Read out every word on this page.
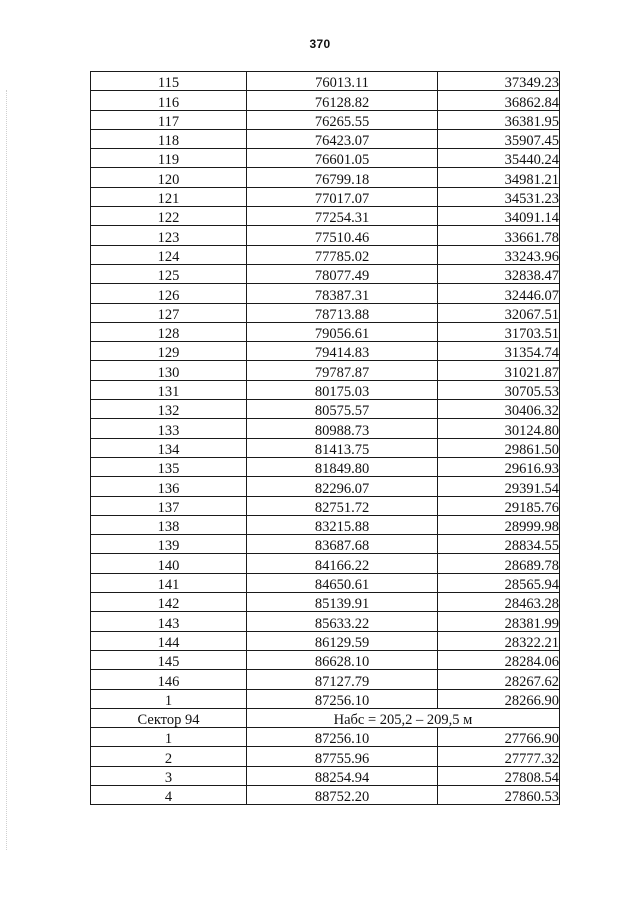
370
115	76013.11	37349.23
116	76128.82	36862.84
117	76265.55	36381.95
118	76423.07	35907.45
119	76601.05	35440.24
120	76799.18	34981.21
121	77017.07	34531.23
122	77254.31	34091.14
123	77510.46	33661.78
124	77785.02	33243.96
125	78077.49	32838.47
126	78387.31	32446.07
127	78713.88	32067.51
128	79056.61	31703.51
129	79414.83	31354.74
130	79787.87	31021.87
131	80175.03	30705.53
132	80575.57	30406.32
133	80988.73	30124.80
134	81413.75	29861.50
135	81849.80	29616.93
136	82296.07	29391.54
137	82751.72	29185.76
138	83215.88	28999.98
139	83687.68	28834.55
140	84166.22	28689.78
141	84650.61	28565.94
142	85139.91	28463.28
143	85633.22	28381.99
144	86129.59	28322.21
145	86628.10	28284.06
146	87127.79	28267.62
1	87256.10	28266.90
Сектор 94	Набс = 205,2 – 209,5 м	
1	87256.10	27766.90
2	87755.96	27777.32
3	88254.94	27808.54
4	88752.20	27860.53
